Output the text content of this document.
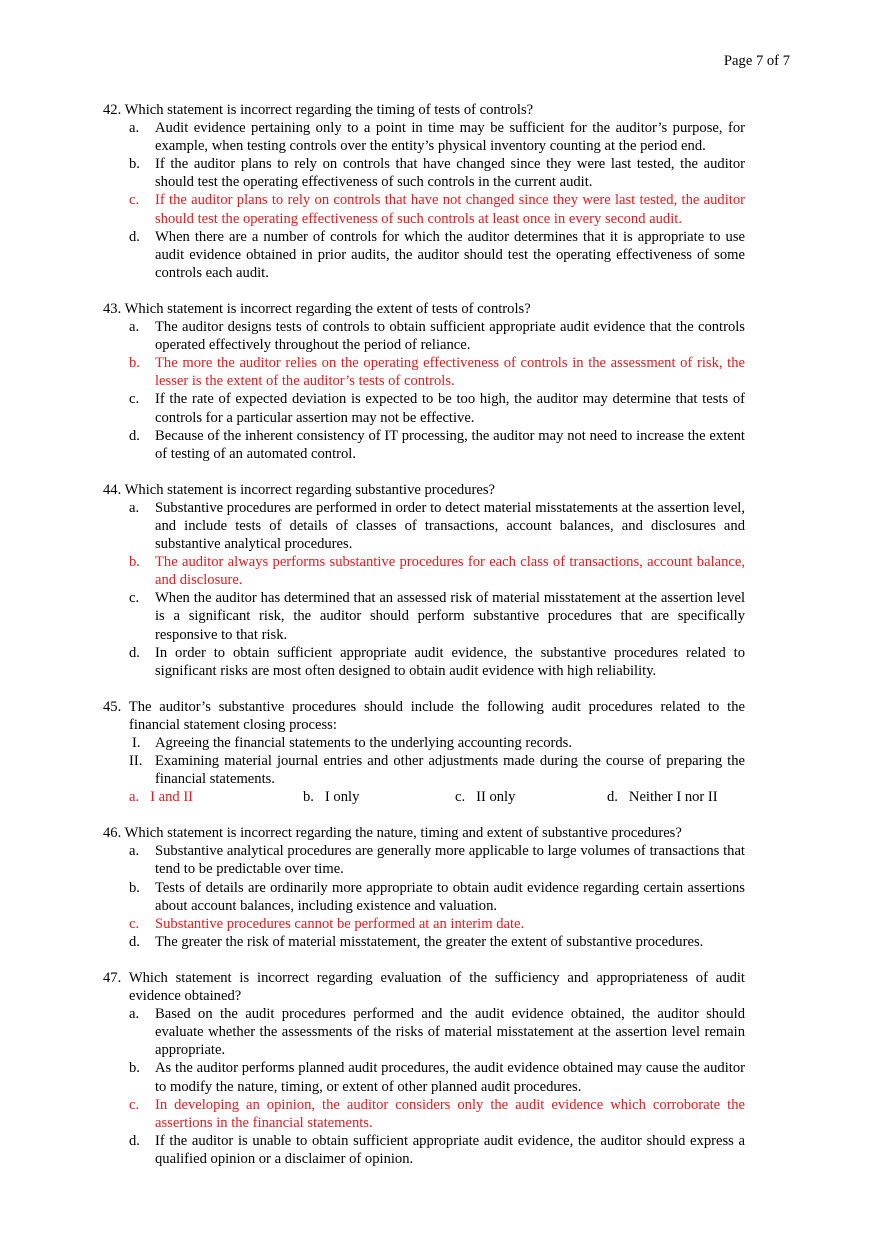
Page 7 of 7
42. Which statement is incorrect regarding the timing of tests of controls?
a. Audit evidence pertaining only to a point in time may be sufficient for the auditor’s purpose, for example, when testing controls over the entity’s physical inventory counting at the period end.
b. If the auditor plans to rely on controls that have changed since they were last tested, the auditor should test the operating effectiveness of such controls in the current audit.
c. If the auditor plans to rely on controls that have not changed since they were last tested, the auditor should test the operating effectiveness of such controls at least once in every second audit.
d. When there are a number of controls for which the auditor determines that it is appropriate to use audit evidence obtained in prior audits, the auditor should test the operating effectiveness of some controls each audit.
43. Which statement is incorrect regarding the extent of tests of controls?
a. The auditor designs tests of controls to obtain sufficient appropriate audit evidence that the controls operated effectively throughout the period of reliance.
b. The more the auditor relies on the operating effectiveness of controls in the assessment of risk, the lesser is the extent of the auditor’s tests of controls.
c. If the rate of expected deviation is expected to be too high, the auditor may determine that tests of controls for a particular assertion may not be effective.
d. Because of the inherent consistency of IT processing, the auditor may not need to increase the extent of testing of an automated control.
44. Which statement is incorrect regarding substantive procedures?
a. Substantive procedures are performed in order to detect material misstatements at the assertion level, and include tests of details of classes of transactions, account balances, and disclosures and substantive analytical procedures.
b. The auditor always performs substantive procedures for each class of transactions, account balance, and disclosure.
c. When the auditor has determined that an assessed risk of material misstatement at the assertion level is a significant risk, the auditor should perform substantive procedures that are specifically responsive to that risk.
d. In order to obtain sufficient appropriate audit evidence, the substantive procedures related to significant risks are most often designed to obtain audit evidence with high reliability.
45. The auditor’s substantive procedures should include the following audit procedures related to the financial statement closing process:
I. Agreeing the financial statements to the underlying accounting records.
II. Examining material journal entries and other adjustments made during the course of preparing the financial statements.
a. I and II	b. I only	c. II only	d. Neither I nor II
46. Which statement is incorrect regarding the nature, timing and extent of substantive procedures?
a. Substantive analytical procedures are generally more applicable to large volumes of transactions that tend to be predictable over time.
b. Tests of details are ordinarily more appropriate to obtain audit evidence regarding certain assertions about account balances, including existence and valuation.
c. Substantive procedures cannot be performed at an interim date.
d. The greater the risk of material misstatement, the greater the extent of substantive procedures.
47. Which statement is incorrect regarding evaluation of the sufficiency and appropriateness of audit evidence obtained?
a. Based on the audit procedures performed and the audit evidence obtained, the auditor should evaluate whether the assessments of the risks of material misstatement at the assertion level remain appropriate.
b. As the auditor performs planned audit procedures, the audit evidence obtained may cause the auditor to modify the nature, timing, or extent of other planned audit procedures.
c. In developing an opinion, the auditor considers only the audit evidence which corroborate the assertions in the financial statements.
d. If the auditor is unable to obtain sufficient appropriate audit evidence, the auditor should express a qualified opinion or a disclaimer of opinion.
